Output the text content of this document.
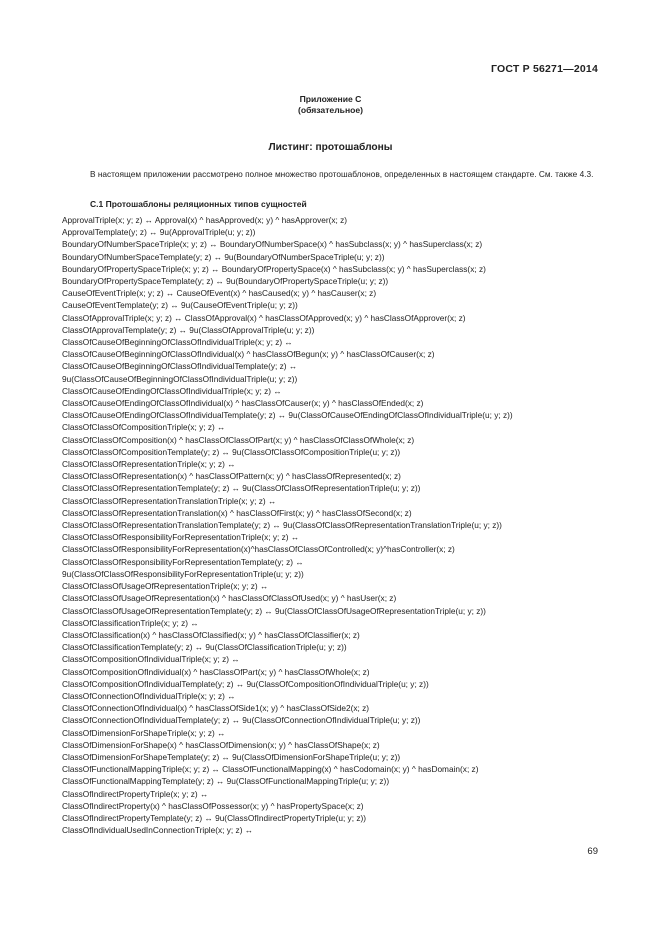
ГОСТ Р 56271—2014
Приложение С
(обязательное)
Листинг: протошаблоны
В настоящем приложении рассмотрено полное множество протошаблонов, определенных в настоящем стандарте. См. также 4.3.
С.1 Протошаблоны реляционных типов сущностей
ApprovalTriple(x; y; z) ↔ Approval(x) ^ hasApproved(x; y) ^ hasApprover(x; z)
ApprovalTemplate(y; z) ↔ 9u(ApprovalTriple(u; y; z))
BoundaryOfNumberSpaceTriple(x; y; z) ↔ BoundaryOfNumberSpace(x) ^ hasSubclass(x; y) ^ hasSuperclass(x; z)
BoundaryOfNumberSpaceTemplate(y; z) ↔ 9u(BoundaryOfNumberSpaceTriple(u; y; z))
BoundaryOfPropertySpaceTriple(x; y; z) ↔ BoundaryOfPropertySpace(x) ^ hasSubclass(x; y) ^ hasSuperclass(x; z)
BoundaryOfPropertySpaceTemplate(y; z) ↔ 9u(BoundaryOfPropertySpaceTriple(u; y; z))
CauseOfEventTriple(x; y; z) ↔ CauseOfEvent(x) ^ hasCaused(x; y) ^ hasCauser(x; z)
CauseOfEventTemplate(y; z) ↔ 9u(CauseOfEventTriple(u; y; z))
ClassOfApprovalTriple(x; y; z) ↔ ClassOfApproval(x) ^ hasClassOfApproved(x; y) ^ hasClassOfApprover(x; z)
ClassOfApprovalTemplate(y; z) ↔ 9u(ClassOfApprovalTriple(u; y; z))
ClassOfCauseOfBeginningOfClassOfIndividualTriple(x; y; z) ↔
ClassOfCauseOfBeginningOfClassOfIndividual(x) ^ hasClassOfBegun(x; y) ^ hasClassOfCauser(x; z)
ClassOfCauseOfBeginningOfClassOfIndividualTemplate(y; z) ↔
9u(ClassOfCauseOfBeginningOfClassOfIndividualTriple(u; y; z))
ClassOfCauseOfEndingOfClassOfIndividualTriple(x; y; z) ↔
ClassOfCauseOfEndingOfClassOfIndividual(x) ^ hasClassOfCauser(x; y) ^ hasClassOfEnded(x; z)
ClassOfCauseOfEndingOfClassOfIndividualTemplate(y; z) ↔ 9u(ClassOfCauseOfEndingOfClassOfIndividualTriple(u; y; z))
ClassOfClassOfCompositionTriple(x; y; z) ↔
ClassOfClassOfComposition(x) ^ hasClassOfClassOfPart(x; y) ^ hasClassOfClassOfWhole(x; z)
ClassOfClassOfCompositionTemplate(y; z) ↔ 9u(ClassOfClassOfCompositionTriple(u; y; z))
ClassOfClassOfRepresentationTriple(x; y; z) ↔
ClassOfClassOfRepresentation(x) ^ hasClassOfPattern(x; y) ^ hasClassOfRepresented(x; z)
ClassOfClassOfRepresentationTemplate(y; z) ↔ 9u(ClassOfClassOfRepresentationTriple(u; y; z))
ClassOfClassOfRepresentationTranslationTriple(x; y; z) ↔
ClassOfClassOfRepresentationTranslation(x) ^ hasClassOfFirst(x; y) ^ hasClassOfSecond(x; z)
ClassOfClassOfRepresentationTranslationTemplate(y; z) ↔ 9u(ClassOfClassOfRepresentationTranslationTriple(u; y; z))
ClassOfClassOfResponsibilityForRepresentationTriple(x; y; z) ↔
ClassOfClassOfResponsibilityForRepresentation(x)^hasClassOfClassOfControlled(x; y)^hasController(x; z)
ClassOfClassOfResponsibilityForRepresentationTemplate(y; z) ↔
9u(ClassOfClassOfResponsibilityForRepresentationTriple(u; y; z))
ClassOfClassOfUsageOfRepresentationTriple(x; y; z) ↔
ClassOfClassOfUsageOfRepresentation(x) ^ hasClassOfClassOfUsed(x; y) ^ hasUser(x; z)
ClassOfClassOfUsageOfRepresentationTemplate(y; z) ↔ 9u(ClassOfClassOfUsageOfRepresentationTriple(u; y; z))
ClassOfClassificationTriple(x; y; z) ↔
ClassOfClassification(x) ^ hasClassOfClassified(x; y) ^ hasClassOfClassifier(x; z)
ClassOfClassificationTemplate(y; z) ↔ 9u(ClassOfClassificationTriple(u; y; z))
ClassOfCompositionOfIndividualTriple(x; y; z) ↔
ClassOfCompositionOfIndividual(x) ^ hasClassOfPart(x; y) ^ hasClassOfWhole(x; z)
ClassOfCompositionOfIndividualTemplate(y; z) ↔ 9u(ClassOfCompositionOfIndividualTriple(u; y; z))
ClassOfConnectionOfIndividualTriple(x; y; z) ↔
ClassOfConnectionOfIndividual(x) ^ hasClassOfSide1(x; y) ^ hasClassOfSide2(x; z)
ClassOfConnectionOfIndividualTemplate(y; z) ↔ 9u(ClassOfConnectionOfIndividualTriple(u; y; z))
ClassOfDimensionForShapeTriple(x; y; z) ↔
ClassOfDimensionForShape(x) ^ hasClassOfDimension(x; y) ^ hasClassOfShape(x; z)
ClassOfDimensionForShapeTemplate(y; z) ↔ 9u(ClassOfDimensionForShapeTriple(u; y; z))
ClassOfFunctionalMappingTriple(x; y; z) ↔ ClassOfFunctionalMapping(x) ^ hasCodomain(x; y) ^ hasDomain(x; z)
ClassOfFunctionalMappingTemplate(y; z) ↔ 9u(ClassOfFunctionalMappingTriple(u; y; z))
ClassOfIndirectPropertyTriple(x; y; z) ↔
ClassOfIndirectProperty(x) ^ hasClassOfPossessor(x; y) ^ hasPropertySpace(x; z)
ClassOfIndirectPropertyTemplate(y; z) ↔ 9u(ClassOfIndirectPropertyTriple(u; y; z))
ClassOfIndividualUsedInConnectionTriple(x; y; z) ↔
69
